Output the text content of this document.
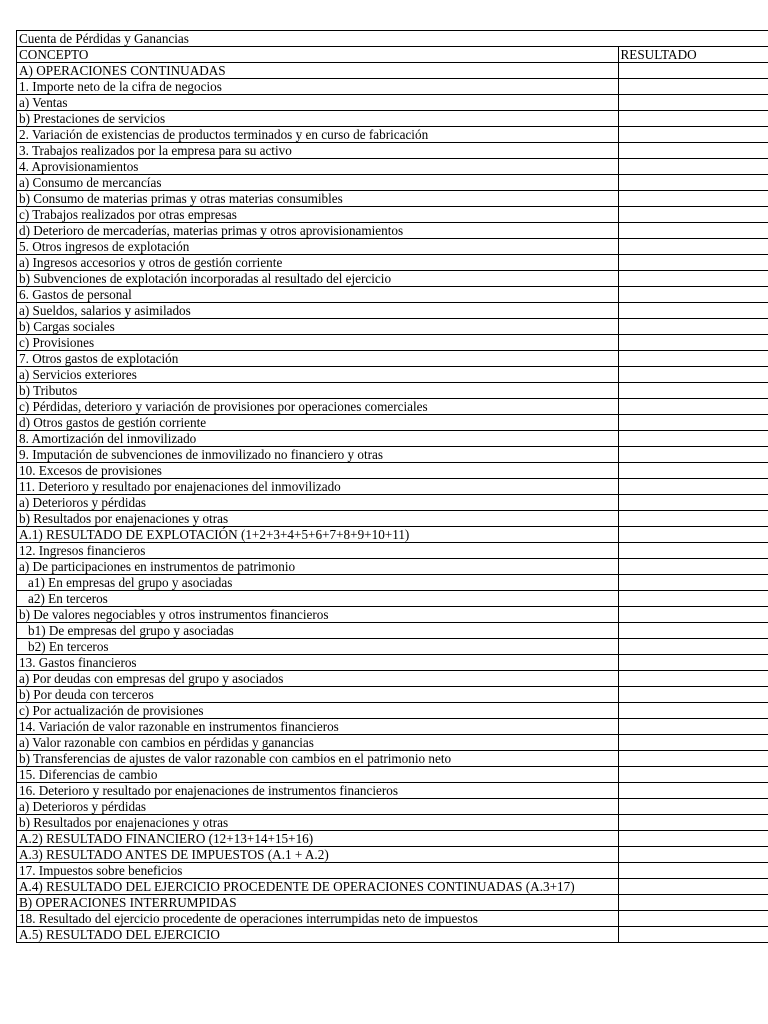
Cuenta de Pérdidas y Ganancias	
CONCEPTO	RESULTADO
A) OPERACIONES CONTINUADAS	
1. Importe neto de la cifra de negocios	
a) Ventas	
b) Prestaciones de servicios	
2. Variación de existencias de productos terminados y en curso de fabricación	
3. Trabajos realizados por la empresa para su activo	
4. Aprovisionamientos	
a) Consumo de mercancías	
b) Consumo de materias primas y otras materias consumibles	
c) Trabajos realizados por otras empresas	
d) Deterioro de mercaderías, materias primas y otros aprovisionamientos	
5. Otros ingresos de explotación	
a) Ingresos accesorios y otros de gestión corriente	
b) Subvenciones de explotación incorporadas al resultado del ejercicio	
6. Gastos de personal	
a) Sueldos, salarios y asimilados	
b) Cargas sociales	
c) Provisiones	
7. Otros gastos de explotación	
a) Servicios exteriores	
b) Tributos	
c) Pérdidas, deterioro y variación de provisiones por operaciones comerciales	
d) Otros gastos de gestión corriente	
8. Amortización del inmovilizado	
9. Imputación de subvenciones de inmovilizado no financiero y otras	
10. Excesos de provisiones	
11. Deterioro y resultado por enajenaciones del inmovilizado	
a) Deterioros y pérdidas	
b) Resultados por enajenaciones y otras	
A.1) RESULTADO DE EXPLOTACIÓN (1+2+3+4+5+6+7+8+9+10+11)	
12. Ingresos financieros	
a) De participaciones en instrumentos de patrimonio	
a1) En empresas del grupo y asociadas	
a2) En terceros	
b) De valores negociables y otros instrumentos financieros	
b1) De empresas del grupo y asociadas	
b2) En terceros	
13. Gastos financieros	
a) Por deudas con empresas del grupo y asociados	
b) Por deuda con terceros	
c) Por actualización de provisiones	
14. Variación de valor razonable en instrumentos financieros	
a) Valor razonable con cambios en pérdidas y ganancias	
b) Transferencias de ajustes de valor razonable con cambios en el patrimonio neto	
15. Diferencias de cambio	
16. Deterioro y resultado por enajenaciones de instrumentos financieros	
a) Deterioros y pérdidas	
b) Resultados por enajenaciones y otras	
A.2) RESULTADO FINANCIERO (12+13+14+15+16)	
A.3) RESULTADO ANTES DE IMPUESTOS (A.1 + A.2)	
17. Impuestos sobre beneficios	
A.4) RESULTADO DEL EJERCICIO PROCEDENTE DE OPERACIONES CONTINUADAS (A.3+17)	
B) OPERACIONES INTERRUMPIDAS	
18. Resultado del ejercicio procedente de operaciones interrumpidas neto de impuestos	
A.5) RESULTADO DEL EJERCICIO	
